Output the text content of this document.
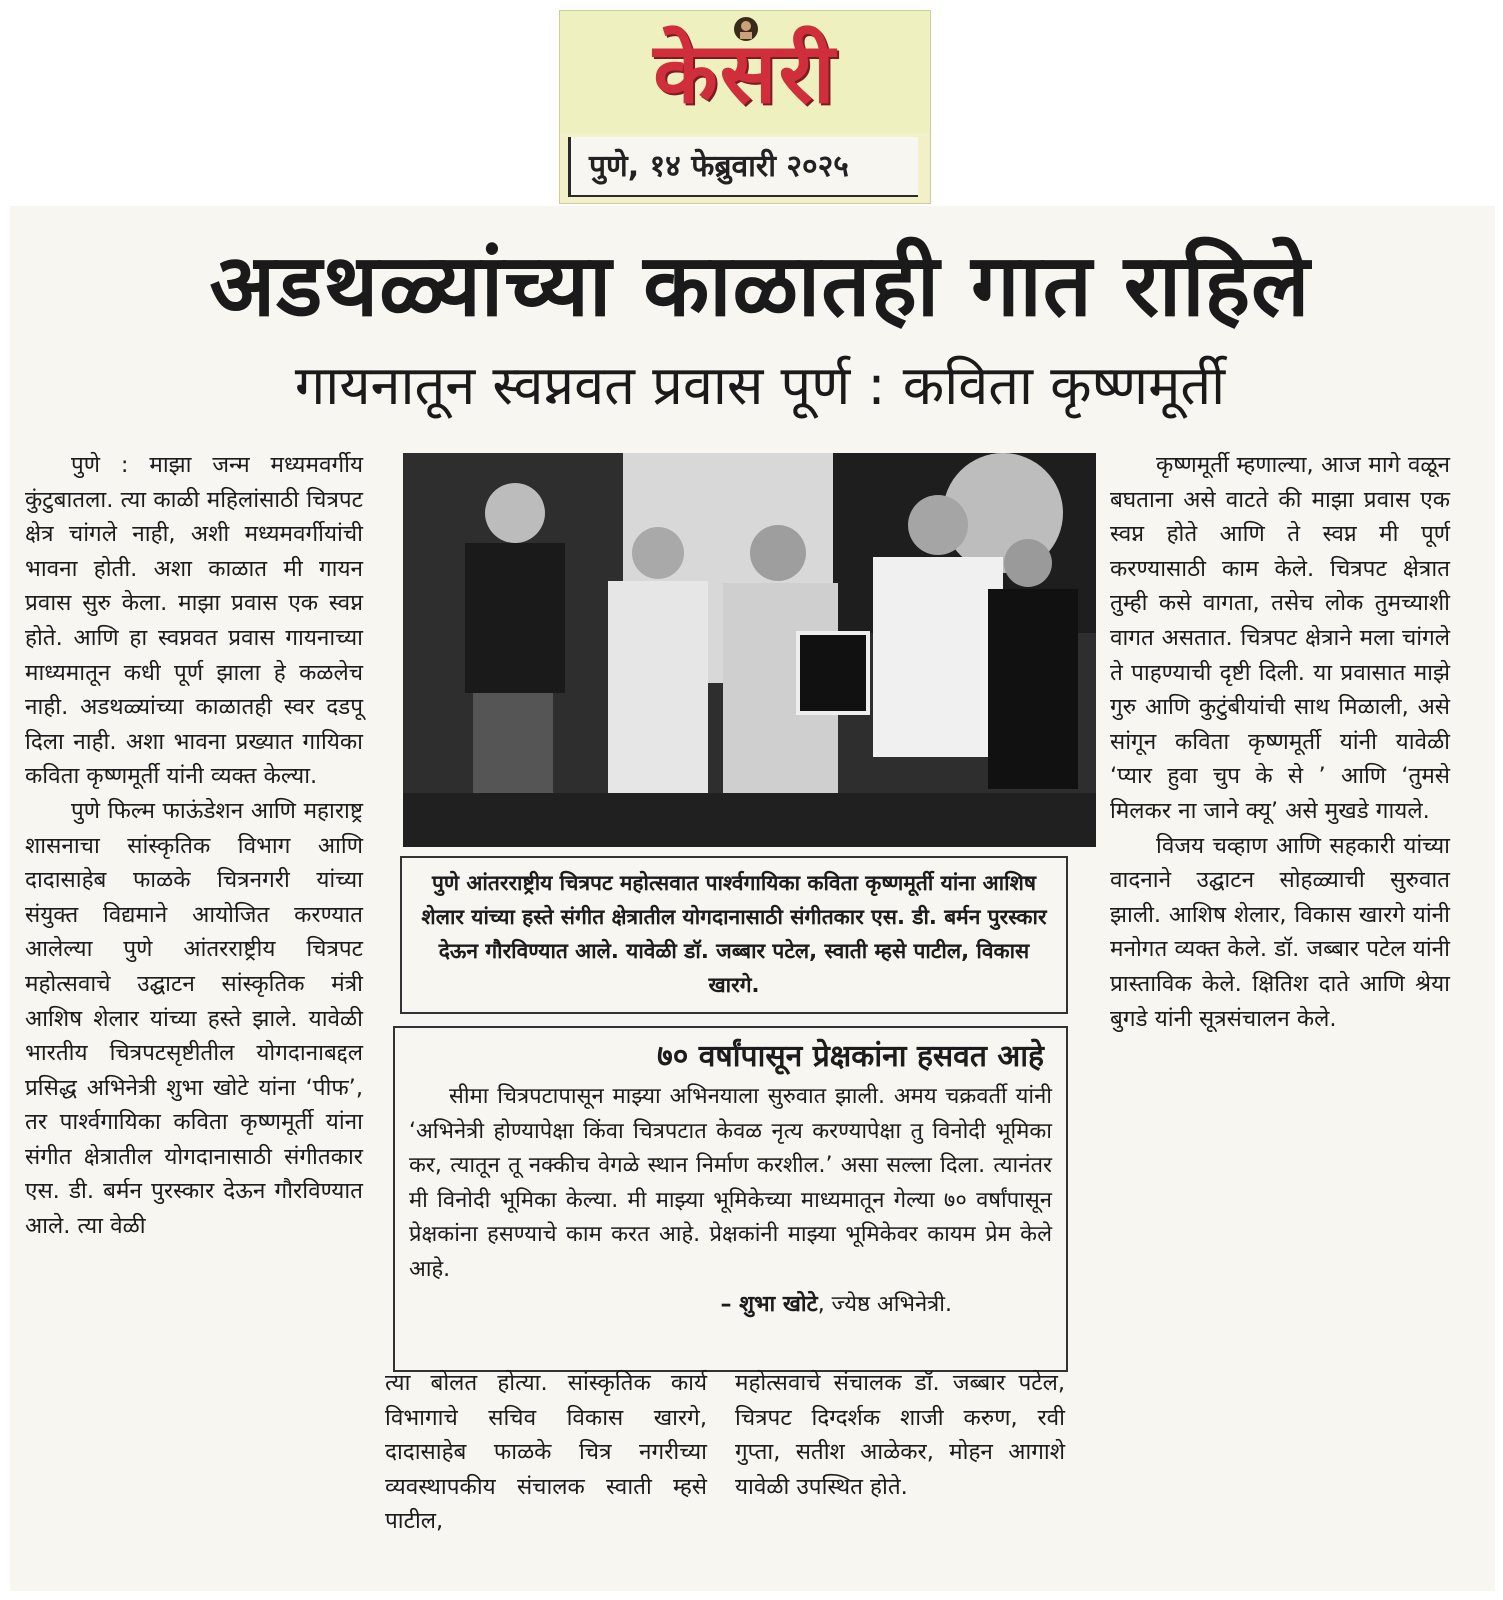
केसरी
पुणे, १४ फेब्रुवारी २०२५
अडथळ्यांच्या काळातही गात राहिले
गायनातून स्वप्नवत प्रवास पूर्ण : कविता कृष्णमूर्ती

पुणे : माझा जन्म मध्यमवर्गीय कुंटुबातला. त्या काळी महिलांसाठी चित्रपट क्षेत्र चांगले नाही, अशी मध्यमवर्गीयांची भावना होती. अशा काळात मी गायन प्रवास सुरु केला. माझा प्रवास एक स्वप्न होते. आणि हा स्वप्नवत प्रवास गायनाच्या माध्यमातून कधी पूर्ण झाला हे कळलेच नाही. अडथळ्यांच्या काळातही स्वर दडपू दिला नाही. अशा भावना प्रख्यात गायिका कविता कृष्णमूर्ती यांनी व्यक्त केल्या.

पुणे फिल्म फाऊंडेशन आणि महाराष्ट्र शासनाचा सांस्कृतिक विभाग आणि दादासाहेब फाळके चित्रनगरी यांच्या संयुक्त विद्यमाने आयोजित करण्यात आलेल्या पुणे आंतरराष्ट्रीय चित्रपट महोत्सवाचे उद्घाटन सांस्कृतिक मंत्री आशिष शेलार यांच्या हस्ते झाले. यावेळी भारतीय चित्रपटसृष्टीतील योगदानाबद्दल प्रसिद्ध अभिनेत्री शुभा खोटे यांना ‘पीफ’, तर पार्श्वगायिका कविता कृष्णमूर्ती यांना संगीत क्षेत्रातील योगदानासाठी संगीतकार एस. डी. बर्मन पुरस्कार देऊन गौरविण्यात आले. त्या वेळी

पुणे आंतरराष्ट्रीय चित्रपट महोत्सवात पार्श्वगायिका कविता कृष्णमूर्ती यांना आशिष शेलार यांच्या हस्ते संगीत क्षेत्रातील योगदानासाठी संगीतकार एस. डी. बर्मन पुरस्कार देऊन गौरविण्यात आले. यावेळी डॉ. जब्बार पटेल, स्वाती म्हसे पाटील, विकास खारगे.
७० वर्षांपासून प्रेक्षकांना हसवत आहे
सीमा चित्रपटापासून माझ्या अभिनयाला सुरुवात झाली. अमय चक्रवर्ती यांनी ‘अभिनेत्री होण्यापेक्षा किंवा चित्रपटात केवळ नृत्य करण्यापेक्षा तु विनोदी भूमिका कर, त्यातून तू नक्कीच वेगळे स्थान निर्माण करशील.’ असा सल्ला दिला. त्यानंतर मी विनोदी भूमिका केल्या. मी माझ्या भूमिकेच्या माध्यमातून गेल्या ७० वर्षांपासून प्रेक्षकांना हसण्याचे काम करत आहे. प्रेक्षकांनी माझ्या भूमिकेवर कायम प्रेम केले आहे.
– शुभा खोटे, ज्येष्ठ अभिनेत्री.

त्या बोलत होत्या. सांस्कृतिक कार्य विभागाचे सचिव विकास खारगे, दादासाहेब फाळके चित्र नगरीच्या व्यवस्थापकीय संचालक स्वाती म्हसे पाटील,

महोत्सवाचे संचालक डॉ. जब्बार पटेल, चित्रपट दिग्दर्शक शाजी करुण, रवी गुप्ता, सतीश आळेकर, मोहन आगाशे यावेळी उपस्थित होते.

कृष्णमूर्ती म्हणाल्या, आज मागे वळून बघताना असे वाटते की माझा प्रवास एक स्वप्न होते आणि ते स्वप्न मी पूर्ण करण्यासाठी काम केले. चित्रपट क्षेत्रात तुम्ही कसे वागता, तसेच लोक तुमच्याशी वागत असतात. चित्रपट क्षेत्राने मला चांगले ते पाहण्याची दृष्टी दिली. या प्रवासात माझे गुरु आणि कुटुंबीयांची साथ मिळाली, असे सांगून कविता कृष्णमूर्ती यांनी यावेळी ‘प्यार हुवा चुप के से ’ आणि ‘तुमसे मिलकर ना जाने क्यू’ असे मुखडे गायले.

विजय चव्हाण आणि सहकारी यांच्या वादनाने उद्घाटन सोहळ्याची सुरुवात झाली. आशिष शेलार, विकास खारगे यांनी मनोगत व्यक्त केले. डॉ. जब्बार पटेल यांनी प्रास्ताविक केले. क्षितिश दाते आणि श्रेया बुगडे यांनी सूत्रसंचालन केले.
